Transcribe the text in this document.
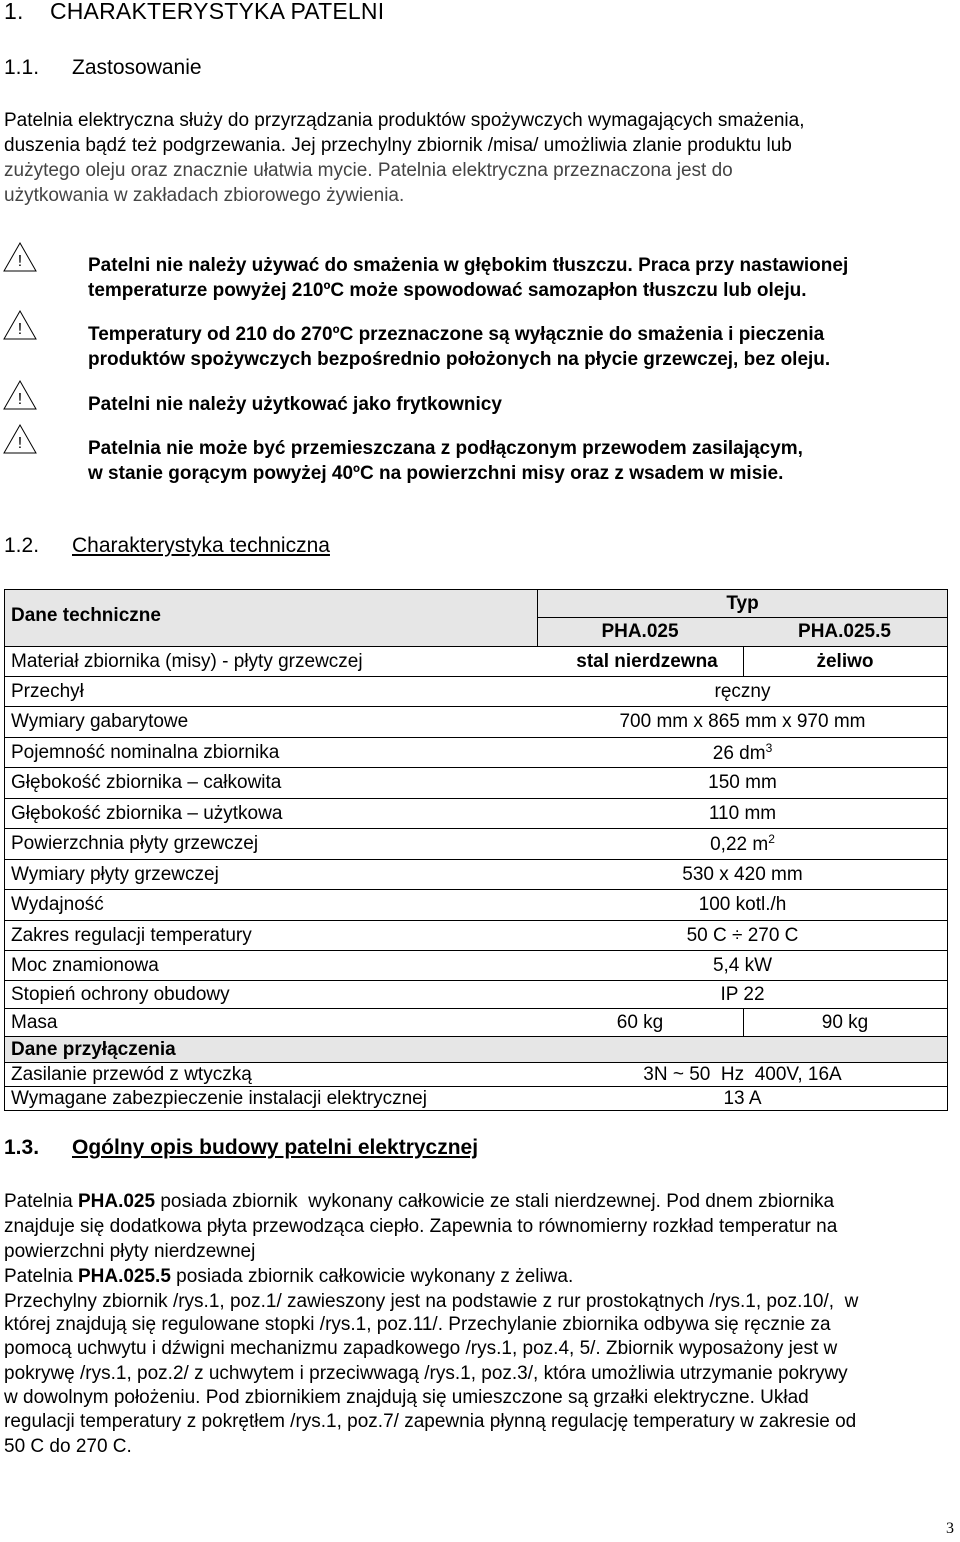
1.    CHARAKTERYSTYKA PATELNI
1.1. Zastosowanie

Patelnia elektryczna służy do przyrządzania produktów spożywczych wymagających smażenia,

duszenia bądź też podgrzewania. Jej przechylny zbiornik /misa/ umożliwia zlanie produktu lub

zużytego oleju oraz znacznie ułatwia mycie. Patelnia elektryczna przeznaczona jest do

użytkowania w zakładach zbiorowego żywienia.

!	Patelni nie należy używać do smażenia w głębokim tłuszczu. Praca przy nastawionej

temperaturze powyżej 210ºC może spowodować samozapłon tłuszczu lub oleju.

!	Temperatury od 210 do 270ºC przeznaczone są wyłącznie do smażenia i pieczenia

produktów spożywczych bezpośrednio położonych na płycie grzewczej, bez oleju.

!	Patelni nie należy użytkować jako frytkownicy

!	Patelnia nie może być przemieszczana z podłączonym przewodem zasilającym,

w stanie gorącym powyżej 40ºC na powierzchni misy oraz z wsadem w misie.

1.2. Charakterystyka techniczna
Dane techniczne
Typ
PHA.025	PHA.025.5
Materiał zbiornika (misy) - płyty grzewczej	stal nierdzewna	żeliwo
Przechył	ręczny
Wymiary gabarytowe	700 mm x 865 mm x 970 mm
Pojemność nominalna zbiornika	26 $dm^3$
Głębokość zbiornika – całkowita	150 mm
Głębokość zbiornika – użytkowa	110 mm
Powierzchnia płyty grzewczej	0,22 $m^2$
Wymiary płyty grzewczej	530 x 420 mm
Wydajność	100 kotl./h
Zakres regulacji temperatury	50 C ÷ 270 C
Moc znamionowa	5,4 kW
Stopień ochrony obudowy	IP 22
Masa	60 kg	90 kg
Dane przyłączenia
Zasilanie przewód z wtyczką	3N ~ 50  Hz  400V, 16A
Wymagane zabezpieczenie instalacji elektrycznej	13 A
1.3. Ogólny opis budowy patelni elektrycznej

Patelnia PHA.025 posiada zbiornik  wykonany całkowicie ze stali nierdzewnej. Pod dnem zbiornika

znajduje się dodatkowa płyta przewodząca ciepło. Zapewnia to równomierny rozkład temperatur na

powierzchni płyty nierdzewnej

Patelnia PHA.025.5 posiada zbiornik całkowicie wykonany z żeliwa.

Przechylny zbiornik /rys.1, poz.1/ zawieszony jest na podstawie z rur prostokątnych /rys.1, poz.10/,  w

której znajdują się regulowane stopki /rys.1, poz.11/. Przechylanie zbiornika odbywa się ręcznie za

pomocą uchwytu i dźwigni mechanizmu zapadkowego /rys.1, poz.4, 5/. Zbiornik wyposażony jest w

pokrywę /rys.1, poz.2/ z uchwytem i przeciwwagą /rys.1, poz.3/, która umożliwia utrzymanie pokrywy

w dowolnym położeniu. Pod zbiornikiem znajdują się umieszczone są grzałki elektryczne. Układ

regulacji temperatury z pokrętłem /rys.1, poz.7/ zapewnia płynną regulację temperatury w zakresie od

50 C do 270 C.

3
